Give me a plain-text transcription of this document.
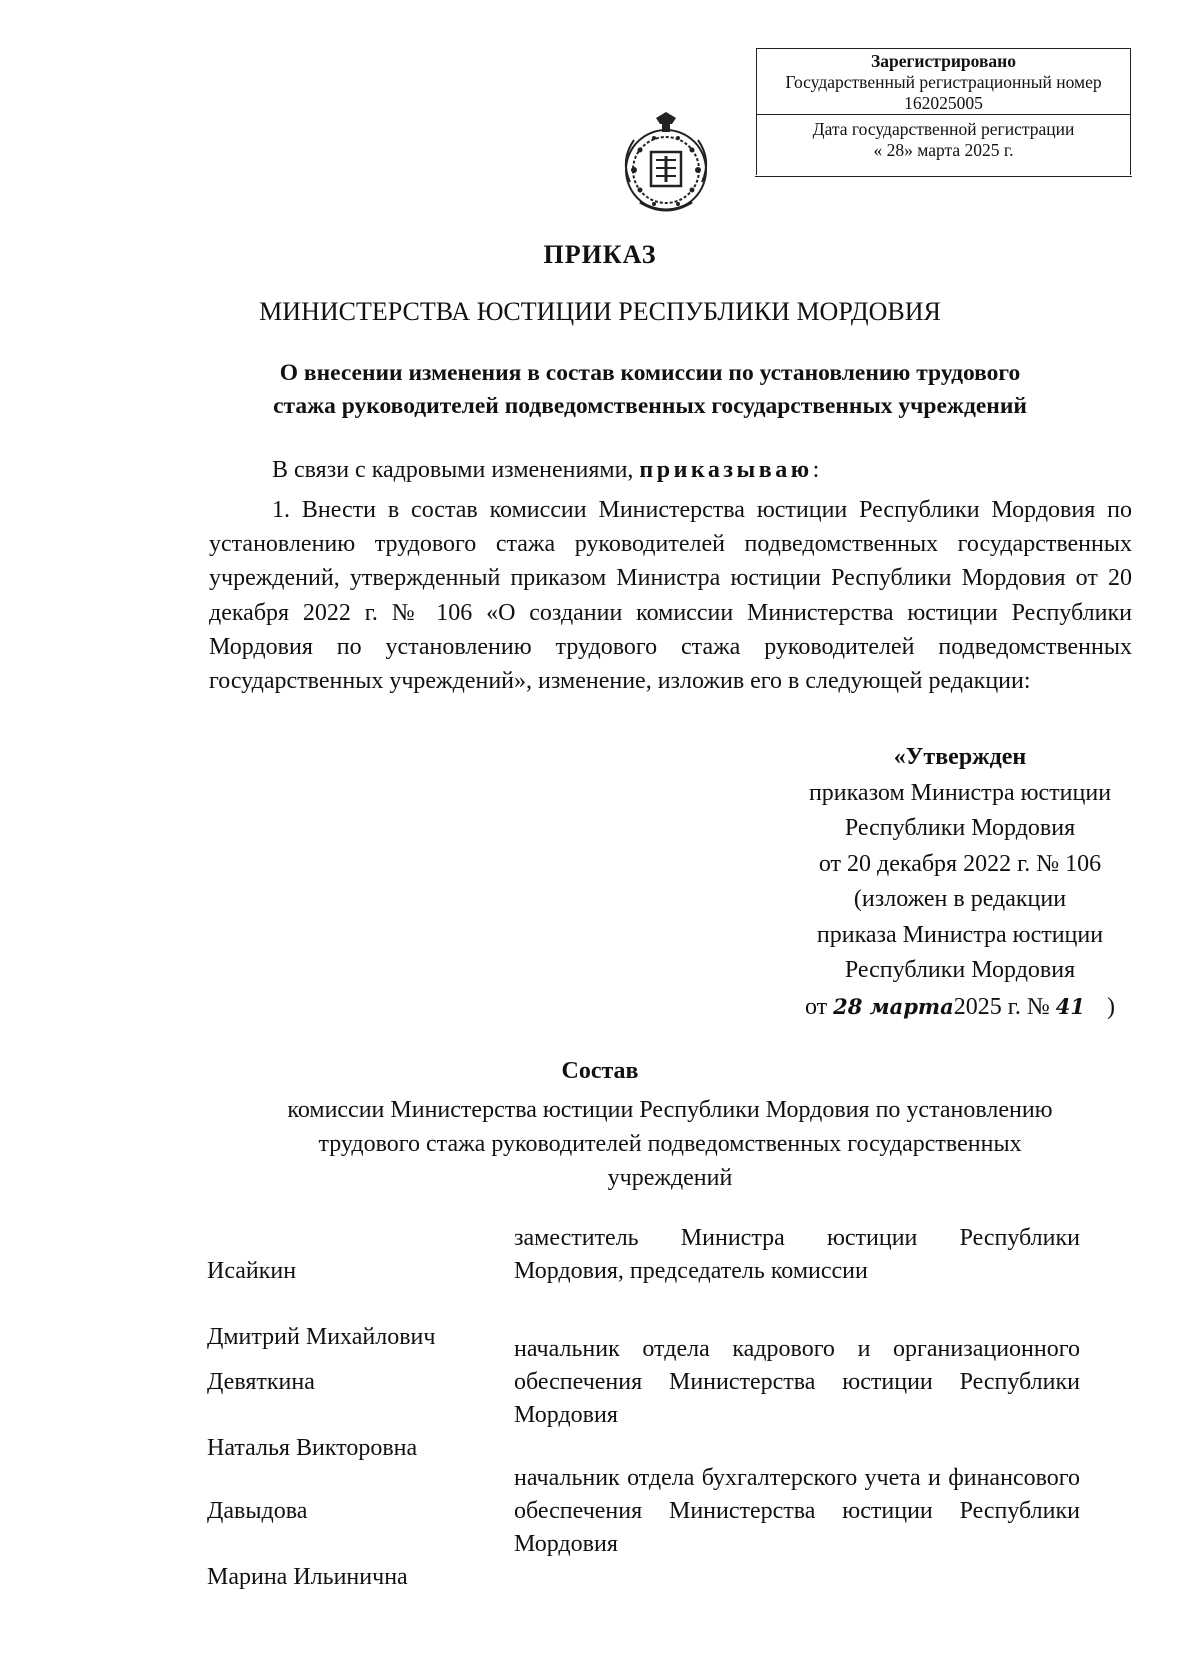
Зарегистрировано
Государственный регистрационный номер
162025005
Дата государственной регистрации
« 28» марта 2025 г.
ПРИКАЗ
МИНИСТЕРСТВА ЮСТИЦИИ РЕСПУБЛИКИ МОРДОВИЯ
О внесении изменения в состав комиссии по установлению трудового
стажа руководителей подведомственных государственных учреждений
В связи с кадровыми изменениями, приказываю:

1. Внести в состав комиссии Министерства юстиции Республики Мордовия по установлению трудового стажа руководителей подведомственных государственных учреждений, утвержденный приказом Министра юстиции Республики Мордовия от 20 декабря 2022 г. № 106 «О создании комиссии Министерства юстиции Республики Мордовия по установлению трудового стажа руководителей подведомственных государственных учреждений», изменение, изложив его в следующей редакции:

«Утвержден
приказом Министра юстиции
Республики Мордовия
от 20 декабря 2022 г. № 106
(изложен в редакции
приказа Министра юстиции
Республики Мордовия
от 28 марта2025 г. № 41 )
Состав
комиссии Министерства юстиции Республики Мордовия по установлению
трудового стажа руководителей подведомственных государственных
учреждений

Исайкин

Дмитрий Михайлович

заместитель Министра юстиции Республики Мордовия, председатель комиссии

Девяткина

Наталья Викторовна

начальник отдела кадрового и организационного обеспечения Министерства юстиции Республики Мордовия

Давыдова

Марина Ильинична

начальник отдела бухгалтерского учета и финансового обеспечения Министерства юстиции Республики Мордовия
